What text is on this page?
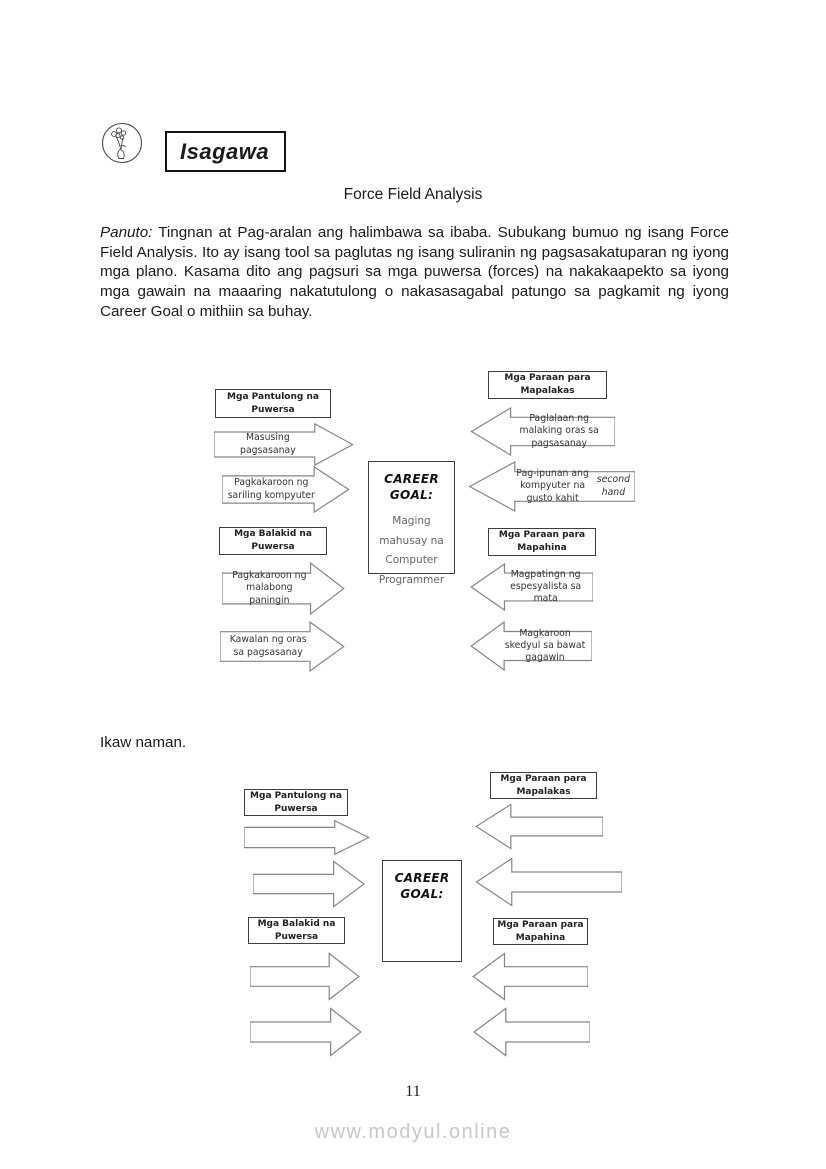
Isagawa
Force Field Analysis

Panuto: Tingnan at Pag-aralan ang halimbawa sa ibaba. Subukang bumuo ng isang Force Field Analysis. Ito ay isang tool sa paglutas ng isang suliranin ng pagsasakatuparan ng iyong mga plano. Kasama dito ang pagsuri sa mga puwersa (forces) na nakakaapekto sa iyong mga gawain na maaaring nakatutulong o nakasasagabal patungo sa pagkamit ng iyong Career Goal o mithiin sa buhay.

Mga Pantulong na Puwersa
Mga Paraan para Mapalakas
Masusing pagsasanay
Paglalaan ng malaking oras sa pagsasanay
Pagkakaroon ng sariling kompyuter
Pag-ipunan ang kompyuter na gusto kahit

second hand
CAREER GOAL:
Maging mahusay na Computer Programmer
Mga Balakid na Puwersa
Mga Paraan para Mapahina
Pagkakaroon ng malabong paningin
Magpatingn ng espesyalista sa mata
Kawalan ng oras sa pagsasanay
Magkaroon skedyul sa bawat gagawin
Ikaw naman.
Mga Pantulong na Puwersa
Mga Paraan para Mapalakas
CAREER GOAL:
Mga Balakid na Puwersa
Mga Paraan para Mapahina
11
www.modyul.online
